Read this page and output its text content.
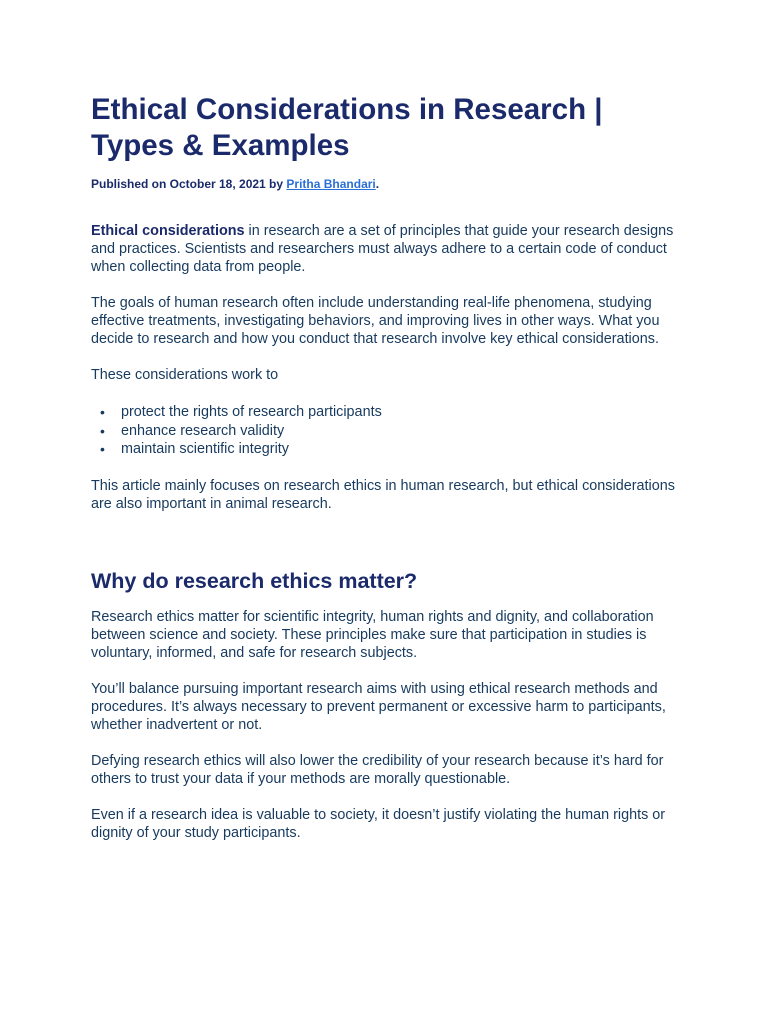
Ethical Considerations in Research | Types & Examples
Published on October 18, 2021 by Pritha Bhandari.

Ethical considerations in research are a set of principles that guide your research designs and practices. Scientists and researchers must always adhere to a certain code of conduct when collecting data from people.

The goals of human research often include understanding real-life phenomena, studying effective treatments, investigating behaviors, and improving lives in other ways. What you decide to research and how you conduct that research involve key ethical considerations.

These considerations work to

• protect the rights of research participants
• enhance research validity
• maintain scientific integrity

This article mainly focuses on research ethics in human research, but ethical considerations are also important in animal research.

Why do research ethics matter?

Research ethics matter for scientific integrity, human rights and dignity, and collaboration between science and society. These principles make sure that participation in studies is voluntary, informed, and safe for research subjects.

You’ll balance pursuing important research aims with using ethical research methods and procedures. It’s always necessary to prevent permanent or excessive harm to participants, whether inadvertent or not.

Defying research ethics will also lower the credibility of your research because it’s hard for others to trust your data if your methods are morally questionable.

Even if a research idea is valuable to society, it doesn’t justify violating the human rights or dignity of your study participants.
